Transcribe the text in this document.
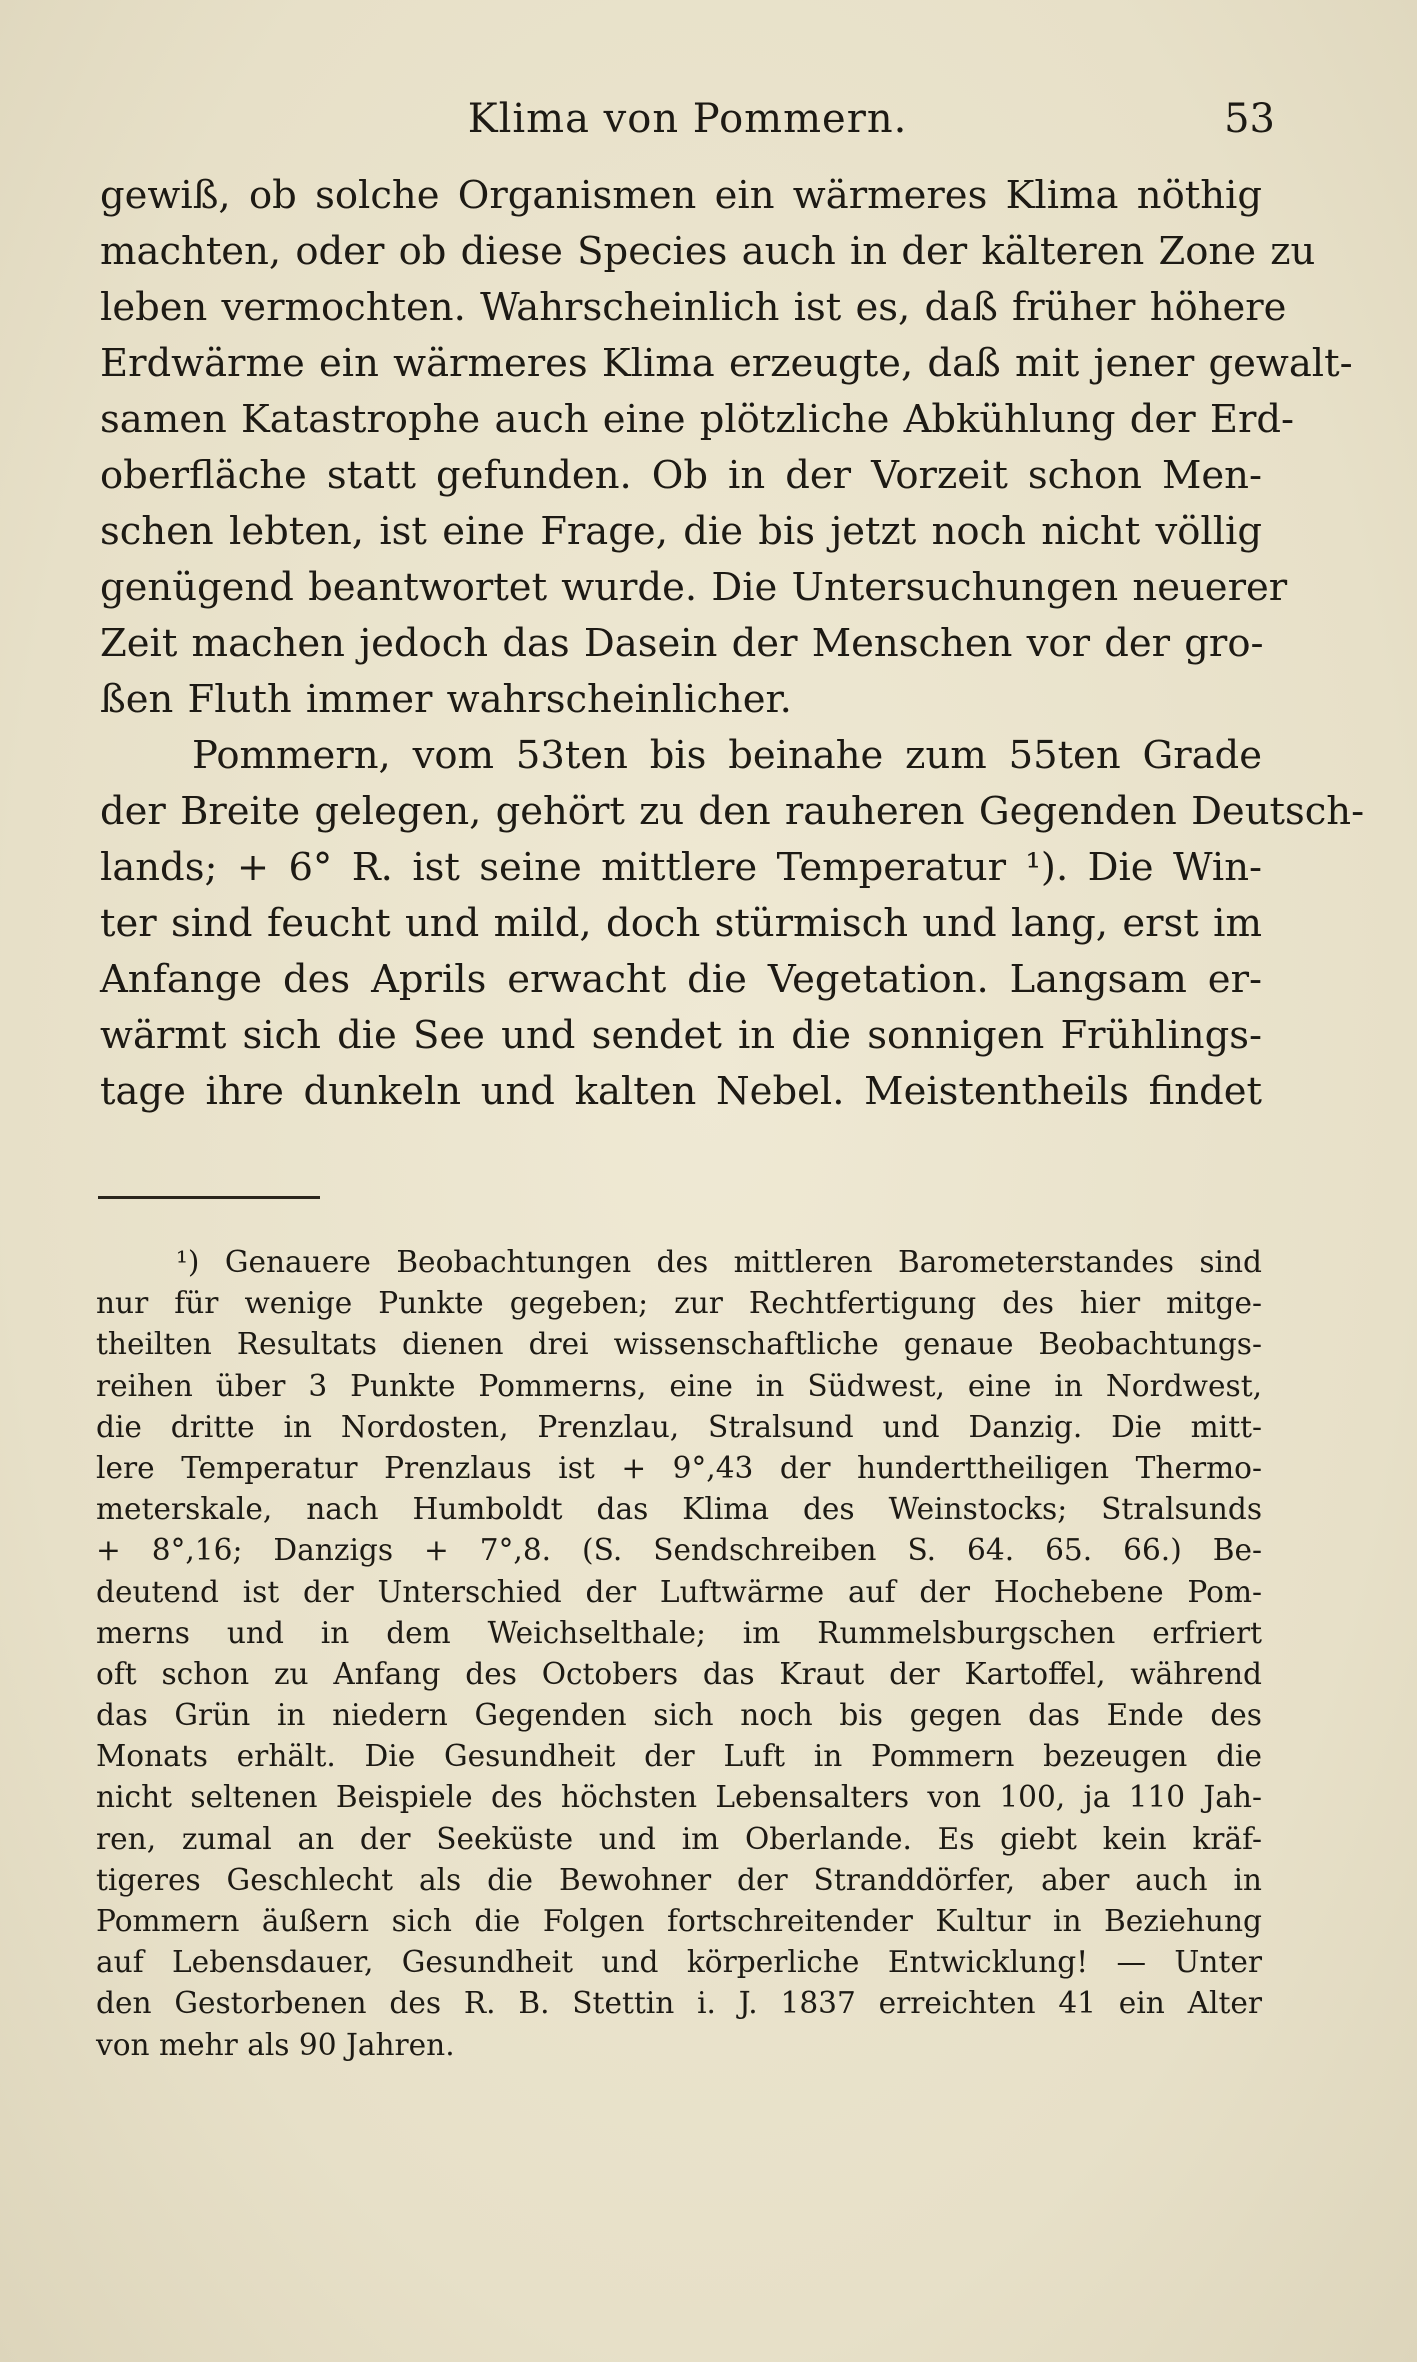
Klima von Pommern.	53
gewiß, ob solche Organismen ein wärmeres Klima nöthig
machten, oder ob diese Species auch in der kälteren Zone zu
leben vermochten. Wahrscheinlich ist es, daß früher höhere
Erdwärme ein wärmeres Klima erzeugte, daß mit jener gewalt-
samen Katastrophe auch eine plötzliche Abkühlung der Erd-
oberfläche statt gefunden. Ob in der Vorzeit schon Men-
schen lebten, ist eine Frage, die bis jetzt noch nicht völlig
genügend beantwortet wurde. Die Untersuchungen neuerer
Zeit machen jedoch das Dasein der Menschen vor der gro-
ßen Fluth immer wahrscheinlicher.
Pommern, vom 53ten bis beinahe zum 55ten Grade
der Breite gelegen, gehört zu den rauheren Gegenden Deutsch-
lands; + 6° R. ist seine mittlere Temperatur ¹). Die Win-
ter sind feucht und mild, doch stürmisch und lang, erst im
Anfange des Aprils erwacht die Vegetation. Langsam er-
wärmt sich die See und sendet in die sonnigen Frühlings-
tage ihre dunkeln und kalten Nebel. Meistentheils findet
¹) Genauere Beobachtungen des mittleren Barometerstandes sind
nur für wenige Punkte gegeben; zur Rechtfertigung des hier mitge-
theilten Resultats dienen drei wissenschaftliche genaue Beobachtungs-
reihen über 3 Punkte Pommerns, eine in Südwest, eine in Nordwest,
die dritte in Nordosten, Prenzlau, Stralsund und Danzig. Die mitt-
lere Temperatur Prenzlaus ist + 9°,43 der hunderttheiligen Thermo-
meterskale, nach Humboldt das Klima des Weinstocks; Stralsunds
+ 8°,16; Danzigs + 7°,8. (S. Sendschreiben S. 64. 65. 66.) Be-
deutend ist der Unterschied der Luftwärme auf der Hochebene Pom-
merns und in dem Weichselthale; im Rummelsburgschen erfriert
oft schon zu Anfang des Octobers das Kraut der Kartoffel, während
das Grün in niedern Gegenden sich noch bis gegen das Ende des
Monats erhält. Die Gesundheit der Luft in Pommern bezeugen die
nicht seltenen Beispiele des höchsten Lebensalters von 100, ja 110 Jah-
ren, zumal an der Seeküste und im Oberlande. Es giebt kein kräf-
tigeres Geschlecht als die Bewohner der Stranddörfer, aber auch in
Pommern äußern sich die Folgen fortschreitender Kultur in Beziehung
auf Lebensdauer, Gesundheit und körperliche Entwicklung! — Unter
den Gestorbenen des R. B. Stettin i. J. 1837 erreichten 41 ein Alter
von mehr als 90 Jahren.
